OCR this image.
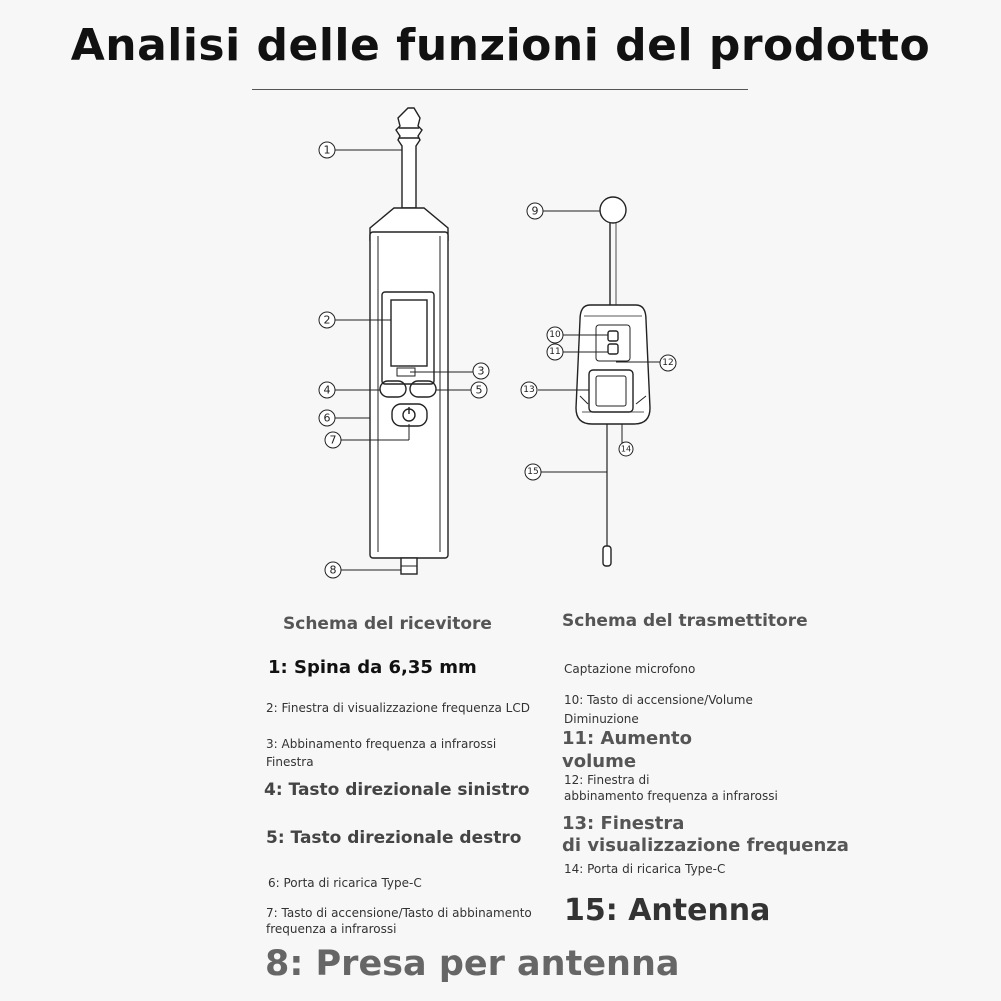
Analisi delle funzioni del prodotto
1
2
3
4	5
6
7
8
9
10
11
12
13
14
15
Schema del ricevitore
1: Spina da 6,35 mm
2: Finestra di visualizzazione frequenza LCD
3: Abbinamento frequenza a infrarossi
Finestra
4: Tasto direzionale sinistro
5: Tasto direzionale destro
6: Porta di ricarica Type-C
7: Tasto di accensione/Tasto di abbinamento
frequenza a infrarossi
8: Presa per antenna
Schema del trasmettitore
Captazione microfono
10: Tasto di accensione/Volume
Diminuzione
11: Aumento
volume
12: Finestra di
abbinamento frequenza a infrarossi
13: Finestra
di visualizzazione frequenza
14: Porta di ricarica Type-C
15: Antenna
